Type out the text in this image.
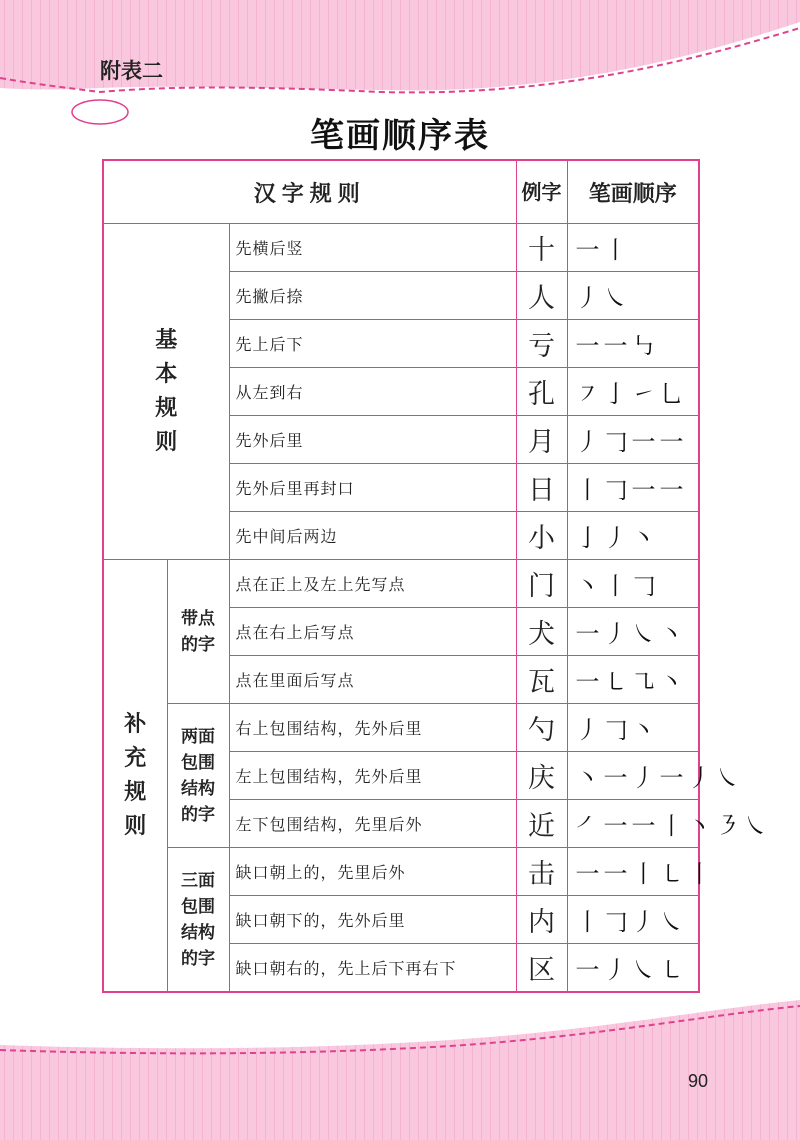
附表二
笔画顺序表
汉字规则			例字	笔画顺序

基本规则		先横后竖	十	一丨
		先撇后捺	人	丿㇏
		先上后下	亏	一一㇉
		从左到右	孔	㇇亅㇀乚
		先外后里	月	丿𠃌一一
		先外后里再封口	日	丨𠃌一一
		先中间后两边	小	亅丿丶

补充规则	带点的字	点在正上及左上先写点	门	丶丨𠃌
		点在右上后写点	犬	一丿㇏丶
		点在里面后写点	瓦	一㇄㇈丶

	两面包围结构的字	右上包围结构，先外后里	勺	丿𠃌丶
		左上包围结构，先外后里	庆	丶一丿一丿㇏
		左下包围结构，先里后外	近	㇒一一丨丶㇋㇏

	三面包围结构的字	缺口朝上的，先里后外	击	一一丨㇄丨
		缺口朝下的，先外后里	内	丨𠃌丿㇏
		缺口朝右的，先上后下再右下	区	一丿㇏㇄
90
